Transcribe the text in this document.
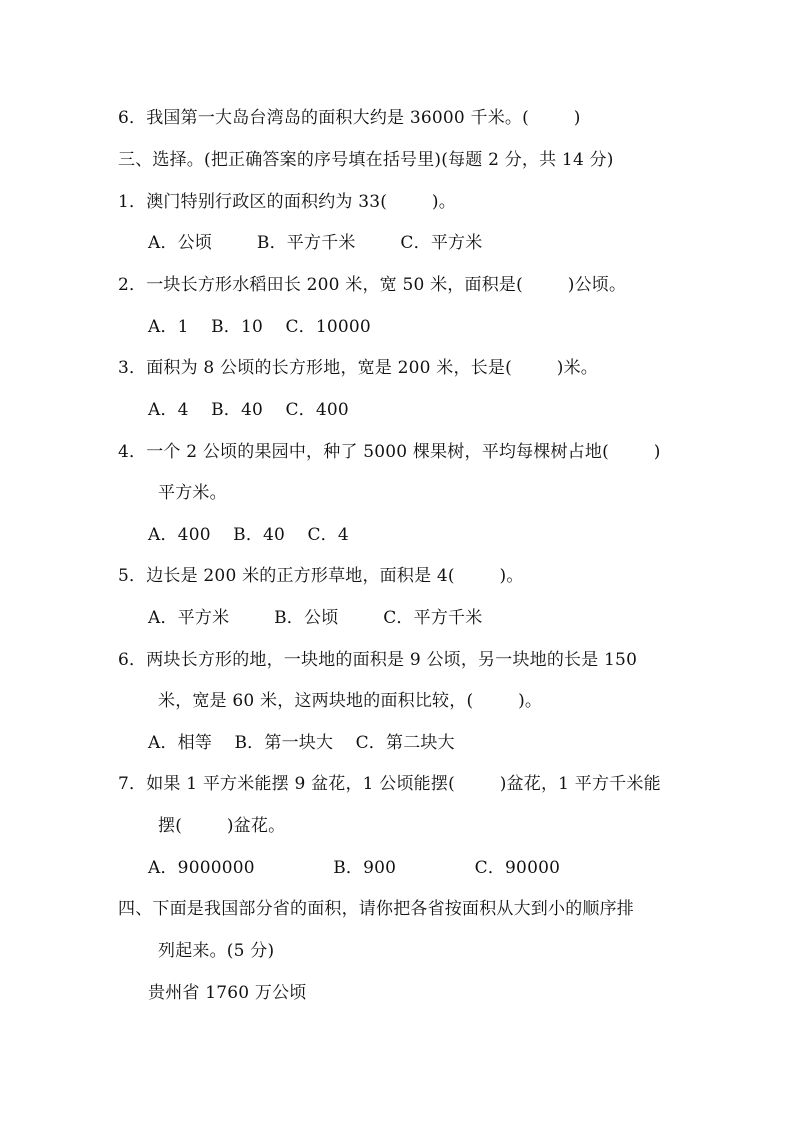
6．我国第一大岛台湾岛的面积大约是 36000 千米。(        )
三、选择。(把正确答案的序号填在括号里)(每题 2 分，共 14 分)
1．澳门特别行政区的面积约为 33(        )。
A．公顷        B．平方千米        C．平方米
2．一块长方形水稻田长 200 米，宽 50 米，面积是(        )公顷。
A．1    B．10    C．10000
3．面积为 8 公顷的长方形地，宽是 200 米，长是(        )米。
A．4    B．40    C．400
4．一个 2 公顷的果园中，种了 5000 棵果树，平均每棵树占地(        )
平方米。
A．400    B．40    C．4
5．边长是 200 米的正方形草地，面积是 4(        )。
A．平方米        B．公顷        C．平方千米
6．两块长方形的地，一块地的面积是 9 公顷，另一块地的长是 150
米，宽是 60 米，这两块地的面积比较，(        )。
A．相等    B．第一块大    C．第二块大
7．如果 1 平方米能摆 9 盆花，1 公顷能摆(        )盆花，1 平方千米能
摆(        )盆花。
A．9000000              B．900              C．90000
四、下面是我国部分省的面积，请你把各省按面积从大到小的顺序排
列起来。(5 分)
贵州省 1760 万公顷
